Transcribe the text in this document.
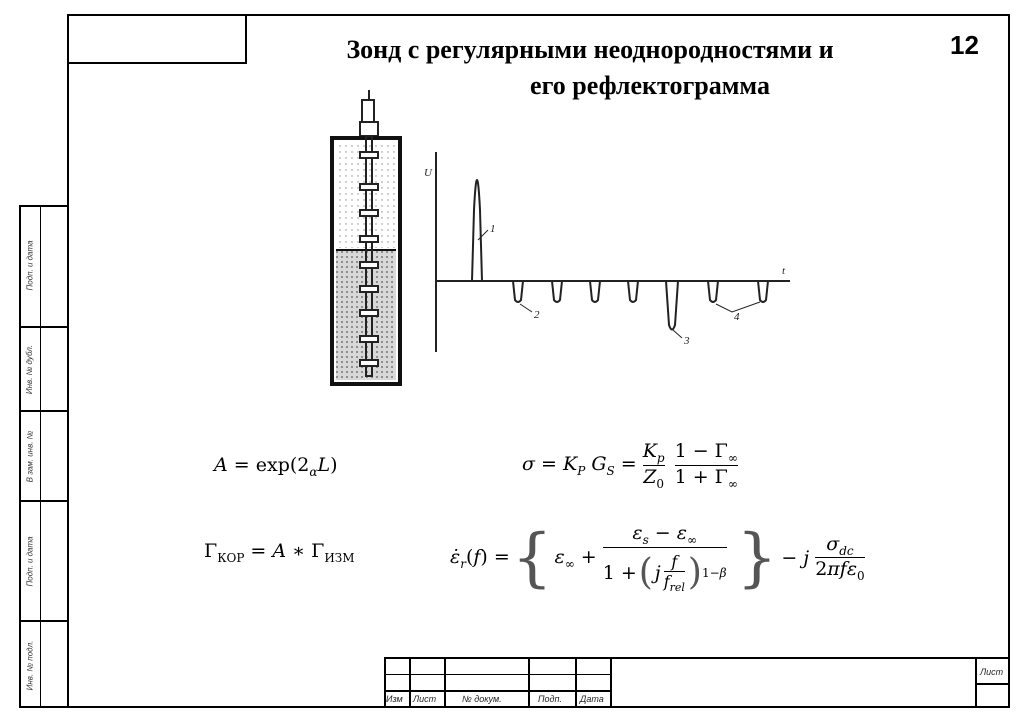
Подп. и дата
Инв. № дубл.
В зам. инв. №
Подп. и дата
Инв. № подл.
Зонд с регулярными неоднородностями и
его рефлектограмма
12
U
t
1
2
3
4
$A = \exp(2_\alpha L)$	$\sigma = K_P$ $G_S = \frac{K_p}{Z_0} 1 - \Gamma_\infty$
$1 + \Gamma_\infty$
$\Gamma_{КОР} = A$ ∗ $\Gamma_{ИЗМ}$	$\varepsiloṅ_r(f)$ = { $\varepsilon_\infty$ +
$\varepsilon_s - \varepsilon_\infty$
1 + ( j
f
$f_{rel}$ ) 1−β } − j
$\sigma_{dc}$
2πfε$_0$
Изм Лист	№ докум.	Подп. Дата
Лист
